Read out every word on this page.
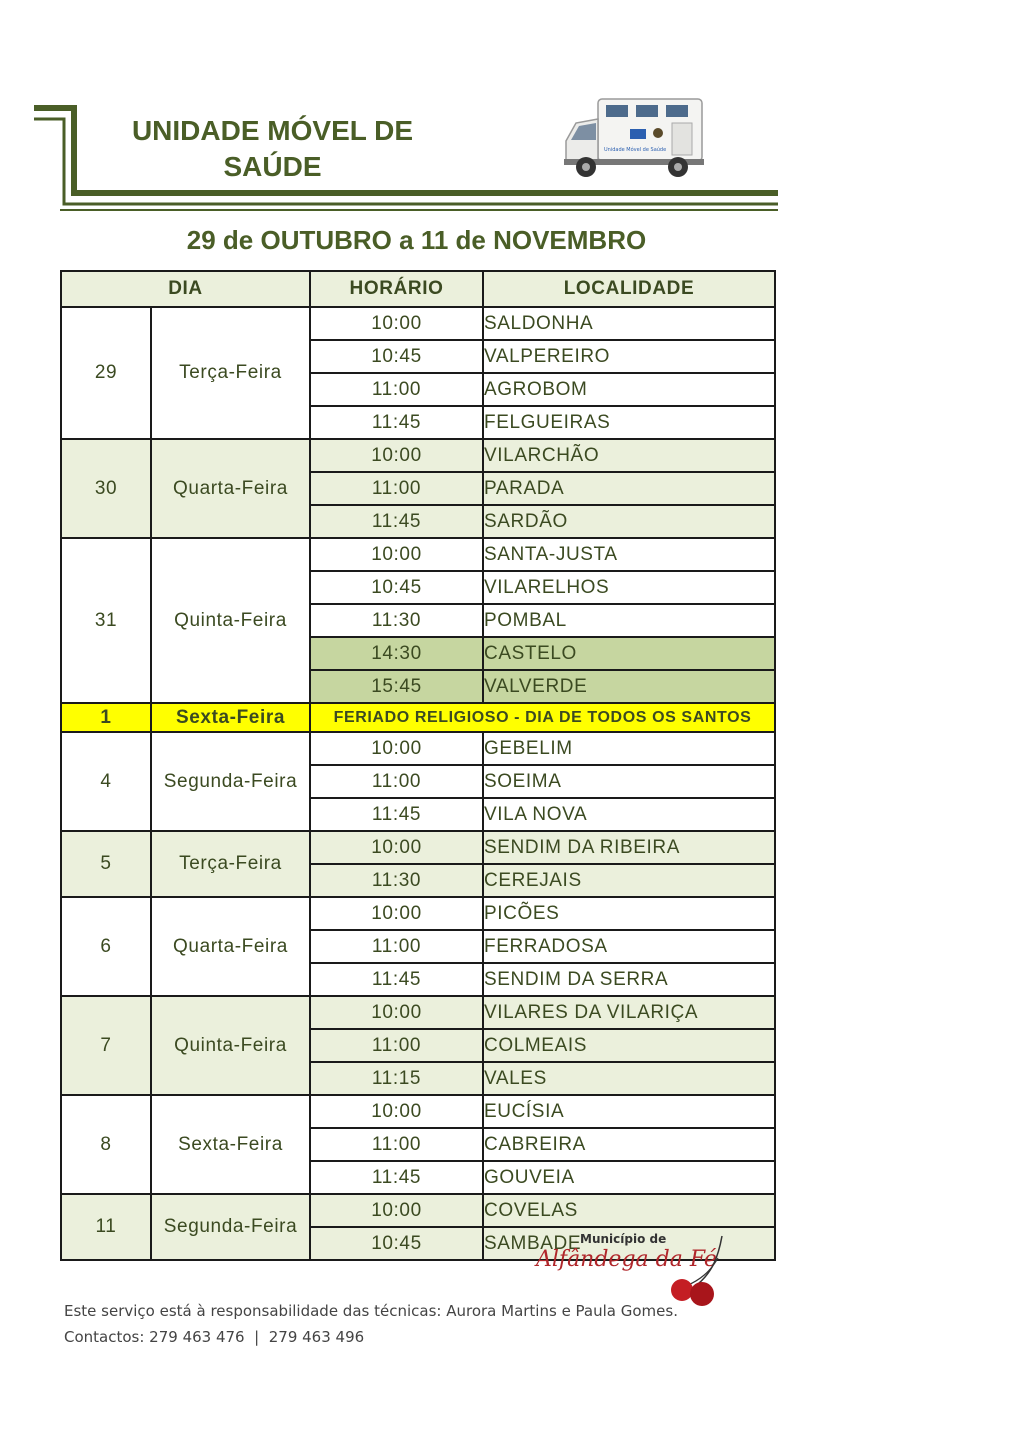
UNIDADE MÓVEL DE
SAÚDE
Unidade Móvel de Saúde
29 de OUTUBRO a 11 de NOVEMBRO
DIA		HORÁRIO	LOCALIDADE
29	Terça-Feira	10:00	SALDONHA
		10:45	VALPEREIRO
		11:00	AGROBOM
		11:45	FELGUEIRAS
30	Quarta-Feira	10:00	VILARCHÃO
		11:00	PARADA
		11:45	SARDÃO
31	Quinta-Feira	10:00	SANTA-JUSTA
		10:45	VILARELHOS
		11:30	POMBAL
		14:30	CASTELO
		15:45	VALVERDE
1	Sexta-Feira	FERIADO RELIGIOSO - DIA DE TODOS OS SANTOS	
4	Segunda-Feira	10:00	GEBELIM
		11:00	SOEIMA
		11:45	VILA NOVA
5	Terça-Feira	10:00	SENDIM DA RIBEIRA
		11:30	CEREJAIS
6	Quarta-Feira	10:00	PICÕES
		11:00	FERRADOSA
		11:45	SENDIM DA SERRA
7	Quinta-Feira	10:00	VILARES DA VILARIÇA
		11:00	COLMEAIS
		11:15	VALES
8	Sexta-Feira	10:00	EUCÍSIA
		11:00	CABREIRA
		11:45	GOUVEIA
11	Segunda-Feira	10:00	COVELAS
		10:45	SAMBADE
Município de
Alfândega da Fé
Este serviço está à responsabilidade das técnicas: Aurora Martins e Paula Gomes.
Contactos: 279 463 476  |  279 463 496
